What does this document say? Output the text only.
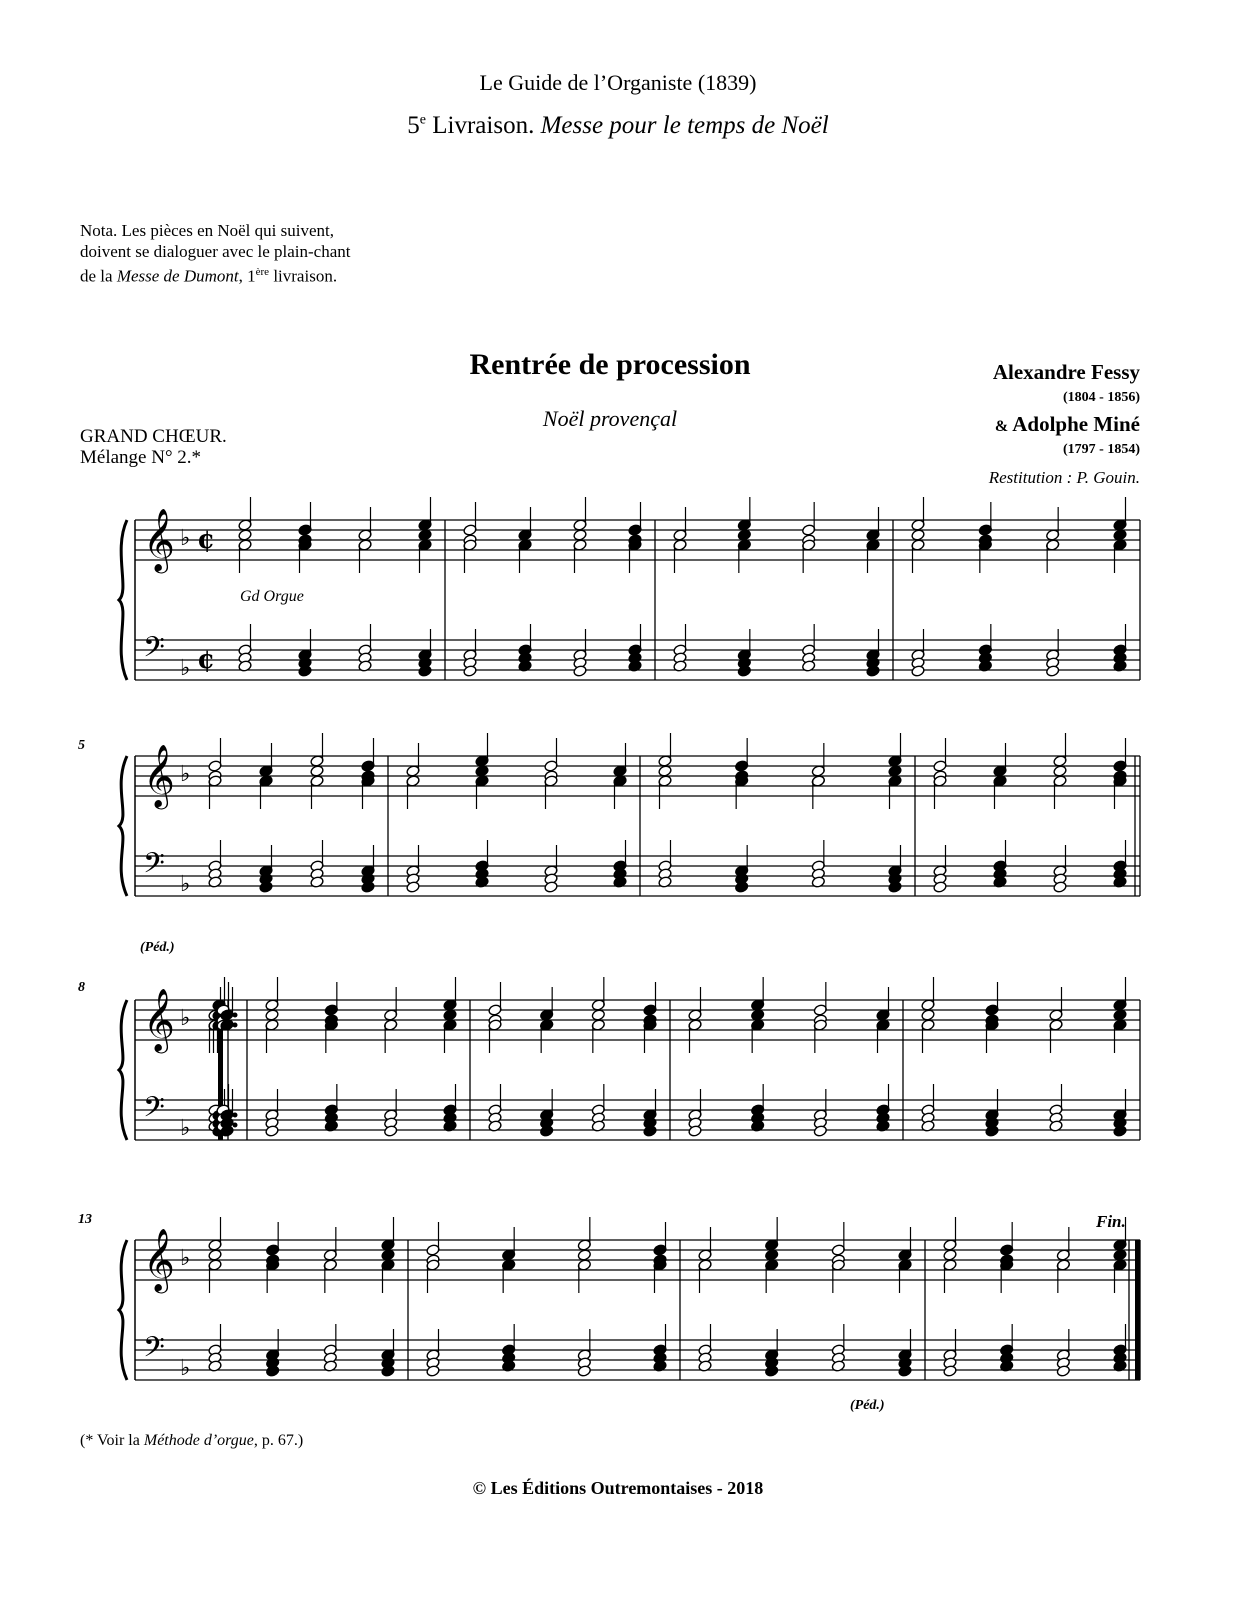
Le Guide de l’Organiste (1839)
5e Livraison. Messe pour le temps de Noël
Nota. Les pièces en Noël qui suivent,
doivent se dialoguer avec le plain-chant
de la Messe de Dumont, 1ère livraison.
Rentrée de procession
Noël provençal
Alexandre Fessy
(1804 - 1856)
& Adolphe Miné
(1797 - 1854)
Restitution : P. Gouin.
GRAND CHŒUR.
Mélange N° 2.*
𝄞 ♭ ¢
𝄢 ♭ ¢
𝄞 ♭
𝄢 ♭
𝄞 ♭
𝄢 ♭
𝄞 ♭
𝄢 ♭
Gd Orgue
5
8
13
(Péd.)
(Péd.)
Fin.
(* Voir la Méthode d’orgue, p. 67.)
© Les Éditions Outremontaises - 2018
